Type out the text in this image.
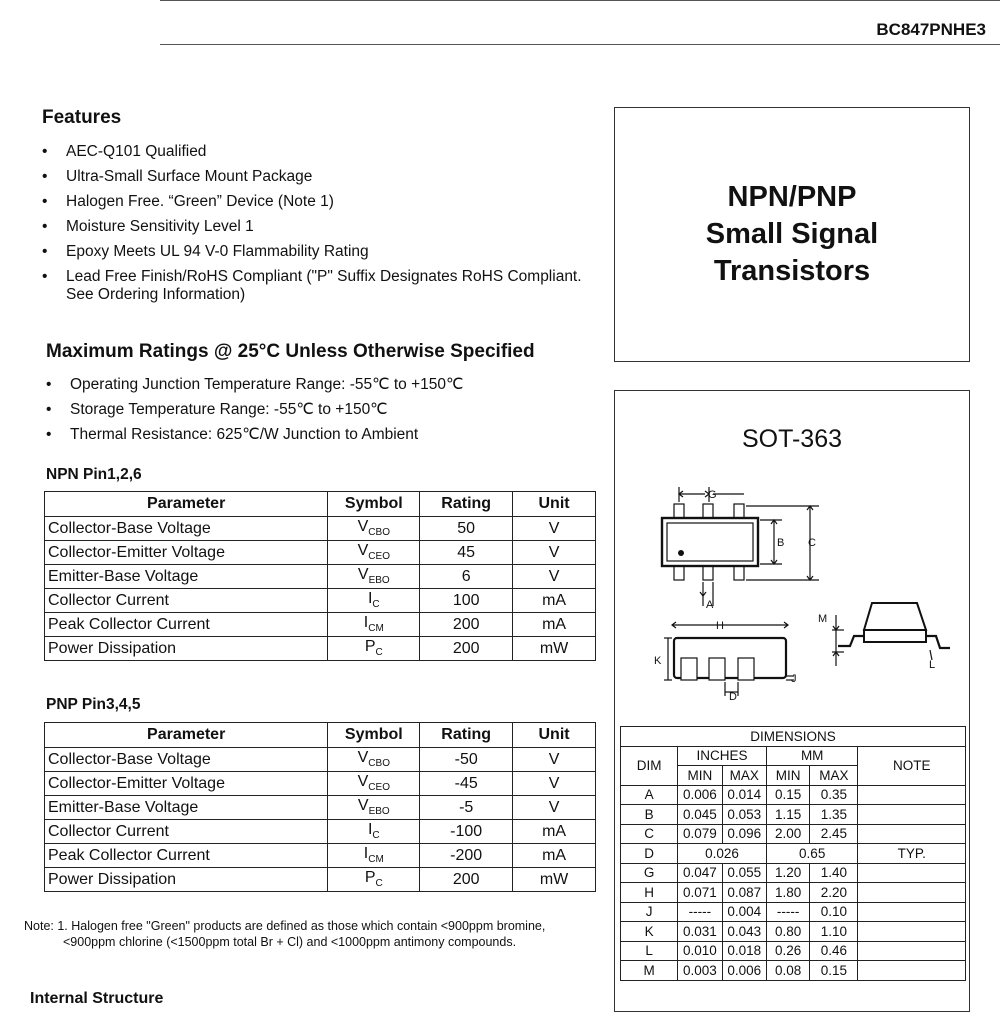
BC847PNHE3
Features
• AEC-Q101 Qualified
• Ultra-Small Surface Mount Package
• Halogen Free. “Green” Device (Note 1)
• Moisture Sensitivity Level 1
• Epoxy Meets UL 94 V-0 Flammability Rating
• Lead Free Finish/RoHS Compliant ("P" Suffix Designates RoHS Compliant. See Ordering Information)
Maximum Ratings @ 25°C Unless Otherwise Specified
• Operating Junction Temperature Range: -55℃ to +150℃
• Storage Temperature Range: -55℃ to +150℃
• Thermal Resistance: 625℃/W Junction to Ambient
NPN Pin1,2,6
Parameter	Symbol	Rating	Unit
Collector-Base Voltage	$V_{CBO}$	50	V
Collector-Emitter Voltage	$V_{CEO}$	45	V
Emitter-Base Voltage	$V_{EBO}$	6	V
Collector Current	$I_C$	100	mA
Peak Collector Current	$I_{CM}$	200	mA
Power Dissipation	$P_C$	200	mW
PNP Pin3,4,5
Parameter	Symbol	Rating	Unit
Collector-Base Voltage	$V_{CBO}$	-50	V
Collector-Emitter Voltage	$V_{CEO}$	-45	V
Emitter-Base Voltage	$V_{EBO}$	-5	V
Collector Current	$I_C$	-100	mA
Peak Collector Current	$I_{CM}$	-200	mA
Power Dissipation	$P_C$	200	mW
Note: 1. Halogen free "Green" products are defined as those which contain <900ppm bromine,
<900ppm chlorine (<1500ppm total Br + Cl) and <1000ppm antimony compounds.
Internal Structure
NPN/PNP
Small Signal
Transistors
SOT-363
G
B C
A
H
K
D
J
M
L
DIMENSIONS					
DIM	INCHES		MM		NOTE
	MIN	MAX	MIN	MAX	
A	0.006	0.014	0.15	0.35	
B	0.045	0.053	1.15	1.35	
C	0.079	0.096	2.00	2.45	
D	0.026		0.65		TYP.
G	0.047	0.055	1.20	1.40	
H	0.071	0.087	1.80	2.20	
J	-----	0.004	-----	0.10	
K	0.031	0.043	0.80	1.10	
L	0.010	0.018	0.26	0.46	
M	0.003	0.006	0.08	0.15	
